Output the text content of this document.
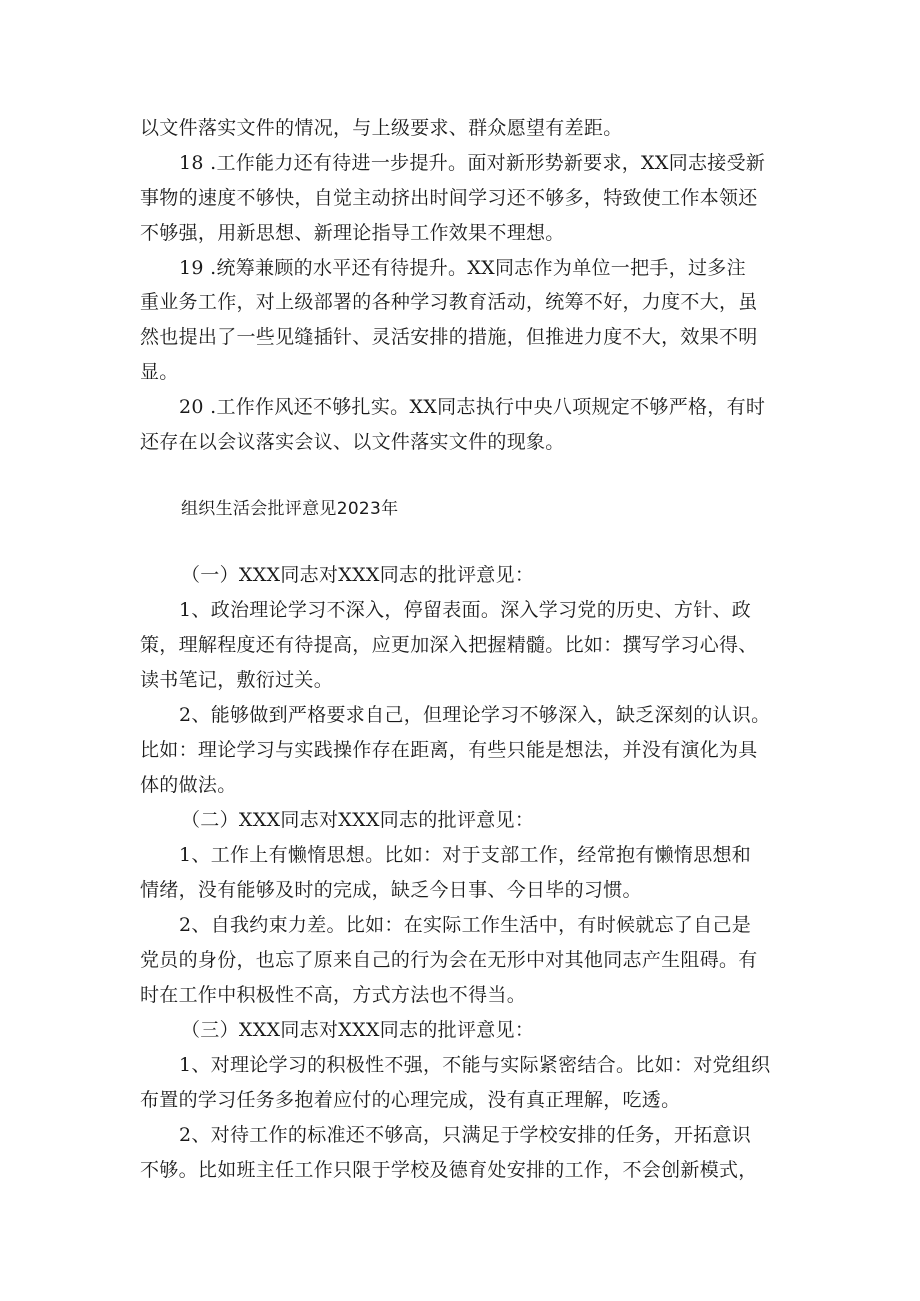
以文件落实文件的情况，与上级要求、群众愿望有差距。
18 .工作能力还有待进一步提升。面对新形势新要求，XX同志接受新
事物的速度不够快，自觉主动挤出时间学习还不够多，特致使工作本领还
不够强，用新思想、新理论指导工作效果不理想。
19 .统筹兼顾的水平还有待提升。XX同志作为单位一把手，过多注
重业务工作，对上级部署的各种学习教育活动，统筹不好，力度不大，虽
然也提出了一些见缝插针、灵活安排的措施，但推进力度不大，效果不明
显。
20 .工作作风还不够扎实。XX同志执行中央八项规定不够严格，有时
还存在以会议落实会议、以文件落实文件的现象。
组织生活会批评意见2023年
（一）XXX同志对XXX同志的批评意见：
1、政治理论学习不深入，停留表面。深入学习党的历史、方针、政
策，理解程度还有待提高，应更加深入把握精髓。比如：撰写学习心得、
读书笔记，敷衍过关。
2、能够做到严格要求自己，但理论学习不够深入，缺乏深刻的认识。
比如：理论学习与实践操作存在距离，有些只能是想法，并没有演化为具
体的做法。
（二）XXX同志对XXX同志的批评意见：
1、工作上有懒惰思想。比如：对于支部工作，经常抱有懒惰思想和
情绪，没有能够及时的完成，缺乏今日事、今日毕的习惯。
2、自我约束力差。比如：在实际工作生活中，有时候就忘了自己是
党员的身份，也忘了原来自己的行为会在无形中对其他同志产生阻碍。有
时在工作中积极性不高，方式方法也不得当。
（三）XXX同志对XXX同志的批评意见：
1、对理论学习的积极性不强，不能与实际紧密结合。比如：对党组织
布置的学习任务多抱着应付的心理完成，没有真正理解，吃透。
2、对待工作的标准还不够高，只满足于学校安排的任务，开拓意识
不够。比如班主任工作只限于学校及德育处安排的工作，不会创新模式，
